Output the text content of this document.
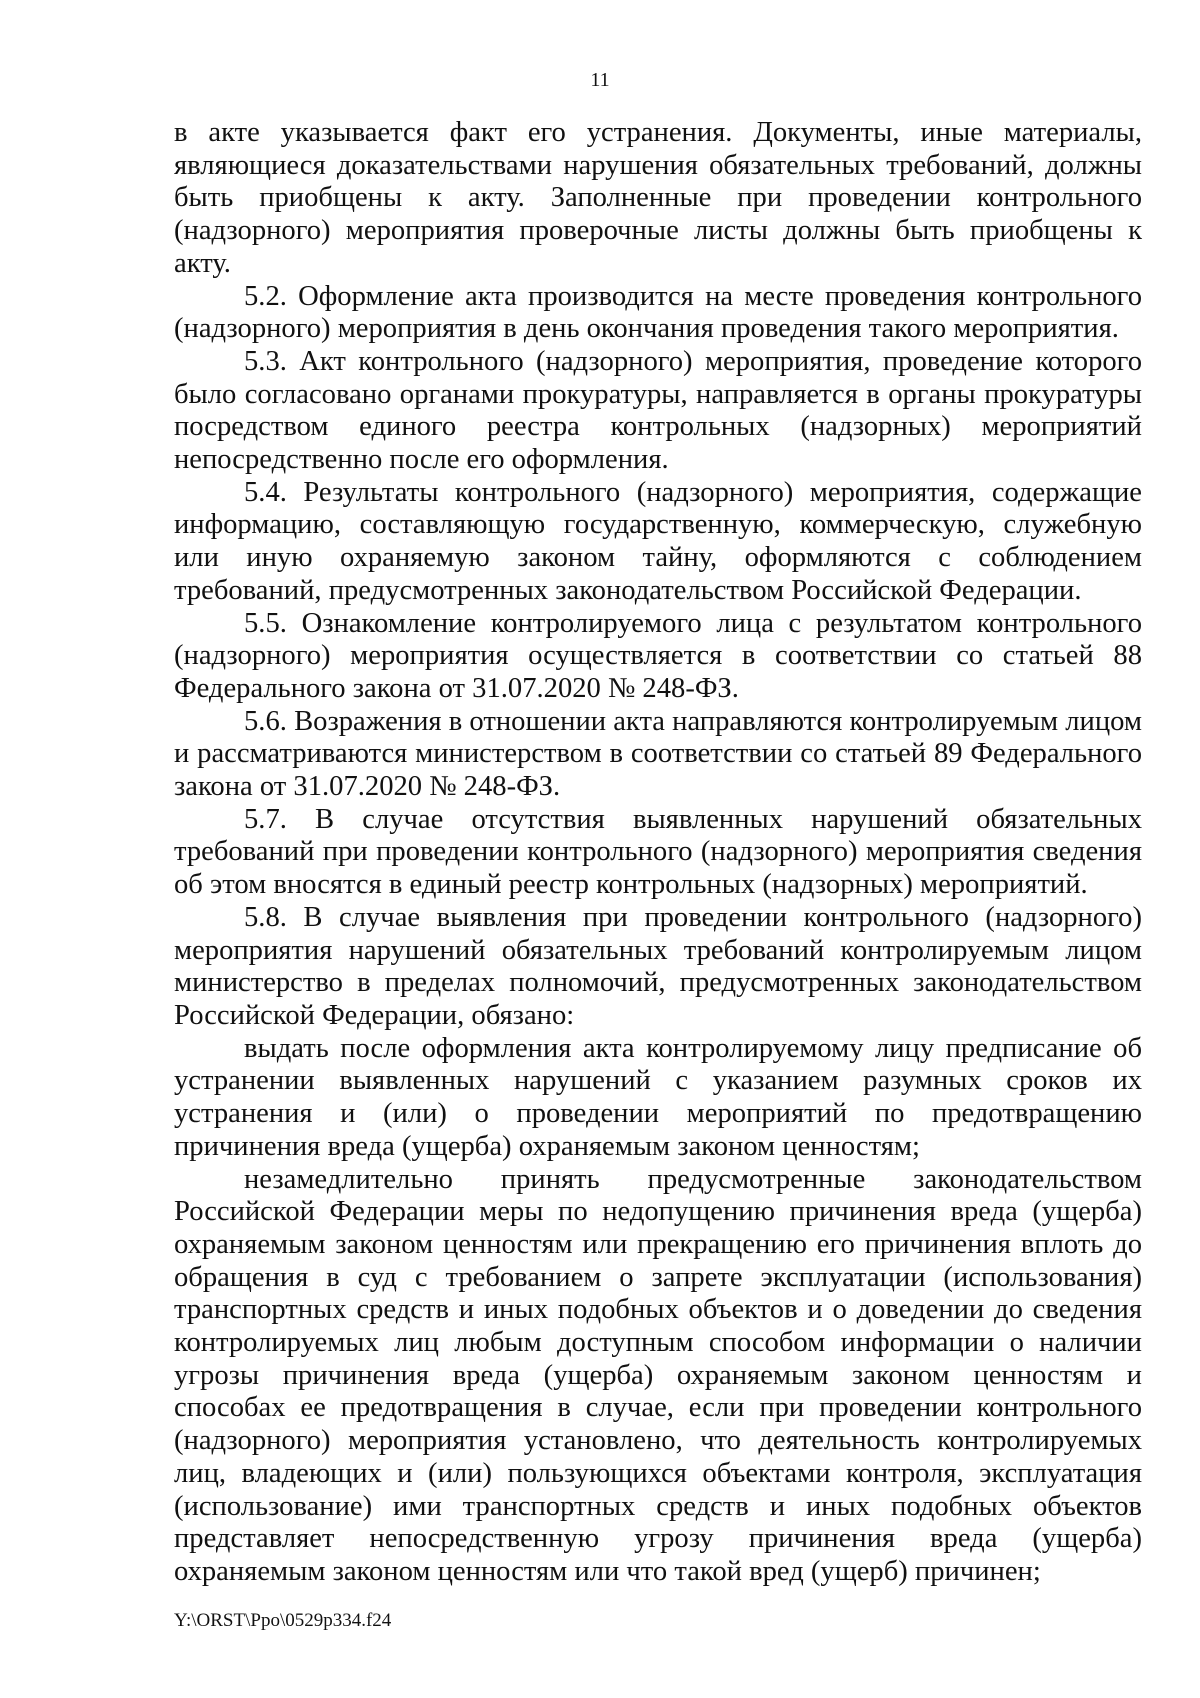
11

в акте указывается факт его устранения. Документы, иные материалы, являющиеся доказательствами нарушения обязательных требований, должны быть приобщены к акту. Заполненные при проведении контрольного (надзорного) мероприятия проверочные листы должны быть приобщены к акту.

5.2. Оформление акта производится на месте проведения контрольного (надзорного) мероприятия в день окончания проведения такого мероприятия.

5.3. Акт контрольного (надзорного) мероприятия, проведение которого было согласовано органами прокуратуры, направляется в органы прокуратуры посредством единого реестра контрольных (надзорных) мероприятий непосредственно после его оформления.

5.4. Результаты контрольного (надзорного) мероприятия, содержащие информацию, составляющую государственную, коммерческую, служебную или иную охраняемую законом тайну, оформляются с соблюдением требований, предусмотренных законодательством Российской Федерации.

5.5. Ознакомление контролируемого лица с результатом контрольного (надзорного) мероприятия осуществляется в соответствии со статьей 88 Федерального закона от 31.07.2020 № 248-ФЗ.

5.6. Возражения в отношении акта направляются контролируемым лицом и рассматриваются министерством в соответствии со статьей 89 Федерального закона от 31.07.2020 № 248-ФЗ.

5.7. В случае отсутствия выявленных нарушений обязательных требований при проведении контрольного (надзорного) мероприятия сведения об этом вносятся в единый реестр контрольных (надзорных) мероприятий.

5.8. В случае выявления при проведении контрольного (надзорного) мероприятия нарушений обязательных требований контролируемым лицом министерство в пределах полномочий, предусмотренных законодательством Российской Федерации, обязано:

выдать после оформления акта контролируемому лицу предписание об устранении выявленных нарушений с указанием разумных сроков их устранения и (или) о проведении мероприятий по предотвращению причинения вреда (ущерба) охраняемым законом ценностям;

незамедлительно принять предусмотренные законодательством Российской Федерации меры по недопущению причинения вреда (ущерба) охраняемым законом ценностям или прекращению его причинения вплоть до обращения в суд с требованием о запрете эксплуатации (использования) транспортных средств и иных подобных объектов и о доведении до сведения контролируемых лиц любым доступным способом информации о наличии угрозы причинения вреда (ущерба) охраняемым законом ценностям и способах ее предотвращения в случае, если при проведении контрольного (надзорного) мероприятия установлено, что деятельность контролируемых лиц, владеющих и (или) пользующихся объектами контроля, эксплуатация (использование) ими транспортных средств и иных подобных объектов представляет непосредственную угрозу причинения вреда (ущерба) охраняемым законом ценностям или что такой вред (ущерб) причинен;

Y:\ORST\Ppo\0529p334.f24
